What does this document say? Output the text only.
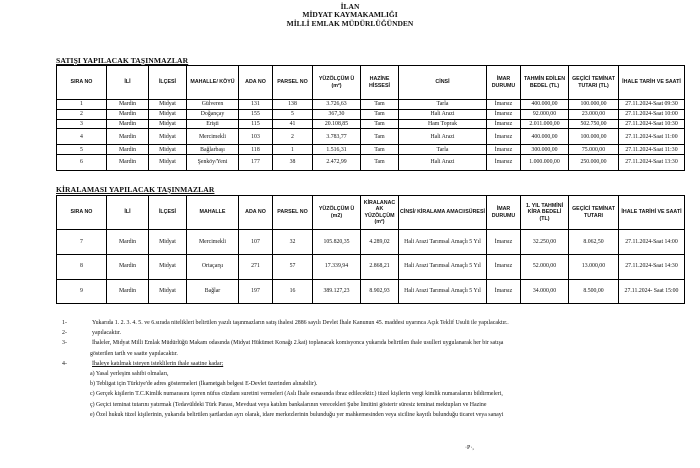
İLAN
MİDYAT KAYMAKAMLIĞI
MİLLİ EMLAK MÜDÜRLÜĞÜNDEN
SATIŞI YAPILACAK TAŞINMAZLAR
SIRA NO	İLİ	İLÇESİ	MAHALLE/ KÖYÜ	ADA NO	PARSEL NO	YÜZÖLÇÜM Ü (m²)	HAZİNE HİSSESİ	CİNSİ	İMAR DURUMU	TAHMİN EDİLEN BEDEL (TL)	GEÇİCİ TEMİNAT TUTARI (TL)	İHALE TARİH VE SAATİ
1	Mardin	Midyat	Gülveren	131	138	3.726,63	Tam	Tarla	İmarsız	400.000,00	100.000,00	27.11.2024-Saat 09:30
2	Mardin	Midyat	Doğançay	155	5	367,30	Tam	Hali Arazi	İmarsız	92.000,00	23.000,00	27.11.2024-Saat 10:00
3	Mardin	Midyat	Erişti	115	41	20.108,85	Tam	Ham Toprak	İmarsız	2.011.000,00	502.750,00	27.11.2024-Saat 10:30
4	Mardin	Midyat	Mercimekli	103	2	3.783,77	Tam	Hali Arazi	İmarsız	400.000,00	100.000,00	27.11.2024-Saat 11:00
5	Mardin	Midyat	Bağlarbaşı	118	1	1.516,31	Tam	Tarla	İmarsız	300.000,00	75.000,00	27.11.2024-Saat 11:30
6	Mardin	Midyat	Şenköy/Yeni	177	38	2.472,99	Tam	Hali Arazi	İmarsız	1.000.000,00	250.000,00	27.11.2024-Saat 13:30
KİRALAMASI YAPILACAK TAŞINMAZLAR
SIRA NO	İLİ	İLÇESİ	MAHALLE	ADA NO	PARSEL NO	YÜZÖLÇÜM Ü (m2)	KİRALANAC AK YÜZÖLÇÜM (m²)	CİNSİ/ KİRALAMA AMACI/SÜRESİ	İMAR DURUMU	1. YIL TAHMİNİ KİRA BEDELİ (TL)	GEÇİCİ TEMİNAT TUTARI	İHALE TARİHİ VE SAATİ
7	Mardin	Midyat	Mercimekli	107	32	105.820,35	4.289,02	Hali Arazi Tarımsal Amaçlı 5 Yıl	İmarsız	32.250,00	8.062,50	27.11.2024-Saat 14:00
8	Mardin	Midyat	Ortaçarşı	271	57	17.339,94	2.868,21	Hali Arazi Tarımsal Amaçlı 5 Yıl	İmarsız	52.000,00	13.000,00	27.11.2024-Saat 14:30
9	Mardin	Midyat	Bağlar	197	16	389.127,23	8.902,93	Hali Arazi Tarımsal Amaçlı 5 Yıl	İmarsız	34.000,00	8.500,00	27.11.2024- Saat 15:00
1-	Yukarıda 1. 2. 3. 4. 5. ve 6.sırada nitelikleri belirtilen yazılı taşınmazların satış ihalesi 2886 sayılı Devlet İhale Kanunun 45. maddesi uyarınca Açık Teklif Usulü ile yapılacaktır..
2-	yapılacaktır.
3-	İhaleler, Midyat Milli Emlak Müdürlüğü Makam odasında (Midyat Hükümet Konağı 2.kat) toplanacak komisyonca yukarıda belirtilen ihale usulleri uygulanarak her bir satışa
gösterilen tarih ve saatte yapılacaktır.
4-	İhaleye katılmak isteyen isteklilerin ihale saatine kadar;
a) Yasal yerleşim sahibi olmaları,
b) Tebligat için Türkiye'de adres göstermeleri (İkametgah belgesi E-Devlet üzerinden alınabilir).
c) Gerçek kişilerin T.C.Kimlik numarasını içeren nüfus cüzdanı suretini vermeleri (Aslı İhale esnasında ibraz edilecektir.) tüzel kişilerin vergi kimlik numaralarını bildirmeleri,
ç) Geçici teminat tutarını yatırmak (Tedavüldeki Türk Parası, Mevduat veya katılım bankalarının verecekleri Şube limitini gösterir süresiz teminat mektupları ve Hazine
e) Özel hukuk tüzel kişilerinin, yukarıda belirtilen şartlardan ayrı olarak, idare merkezlerinin bulunduğu yer mahkemesinden veya siciline kayıtlı bulunduğu ticaret veya sanayi
·P·,
